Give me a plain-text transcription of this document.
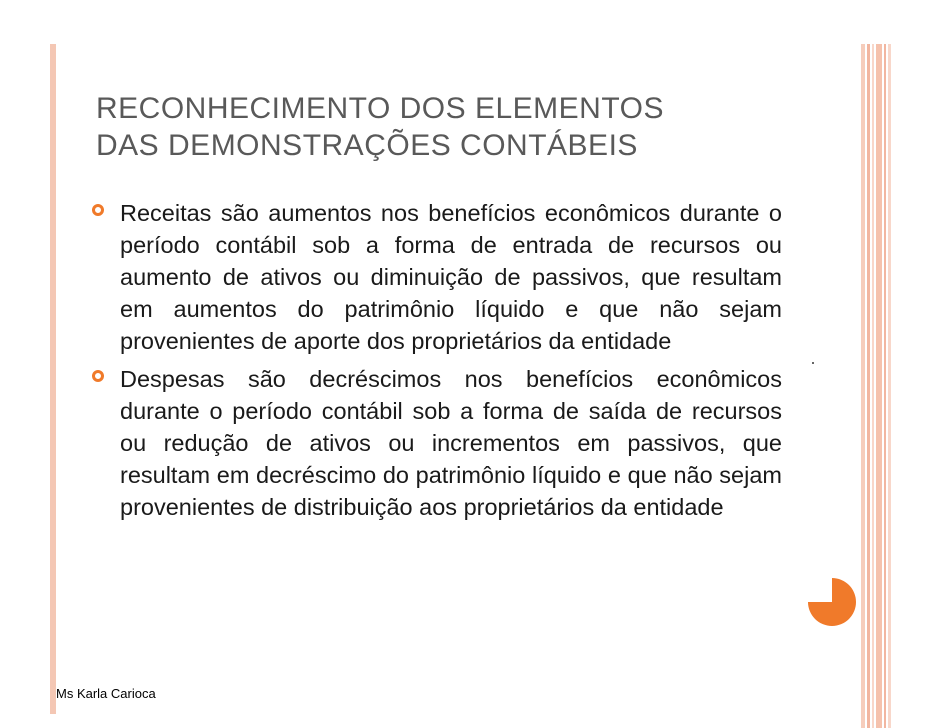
RECONHECIMENTO DOS ELEMENTOS
DAS DEMONSTRAÇÕES CONTÁBEIS

Receitas são aumentos nos benefícios econômicos durante o período contábil sob a forma de entrada de recursos ou aumento de ativos ou diminuição de passivos, que resultam em aumentos do patrimônio líquido e que não sejam provenientes de aporte dos proprietários da entidade

Despesas são decréscimos nos benefícios econômicos durante o período contábil sob a forma de saída de recursos ou redução de ativos ou incrementos em passivos, que resultam em decréscimo do patrimônio líquido e que não sejam provenientes de distribuição aos proprietários da entidade

Ms Karla Carioca
